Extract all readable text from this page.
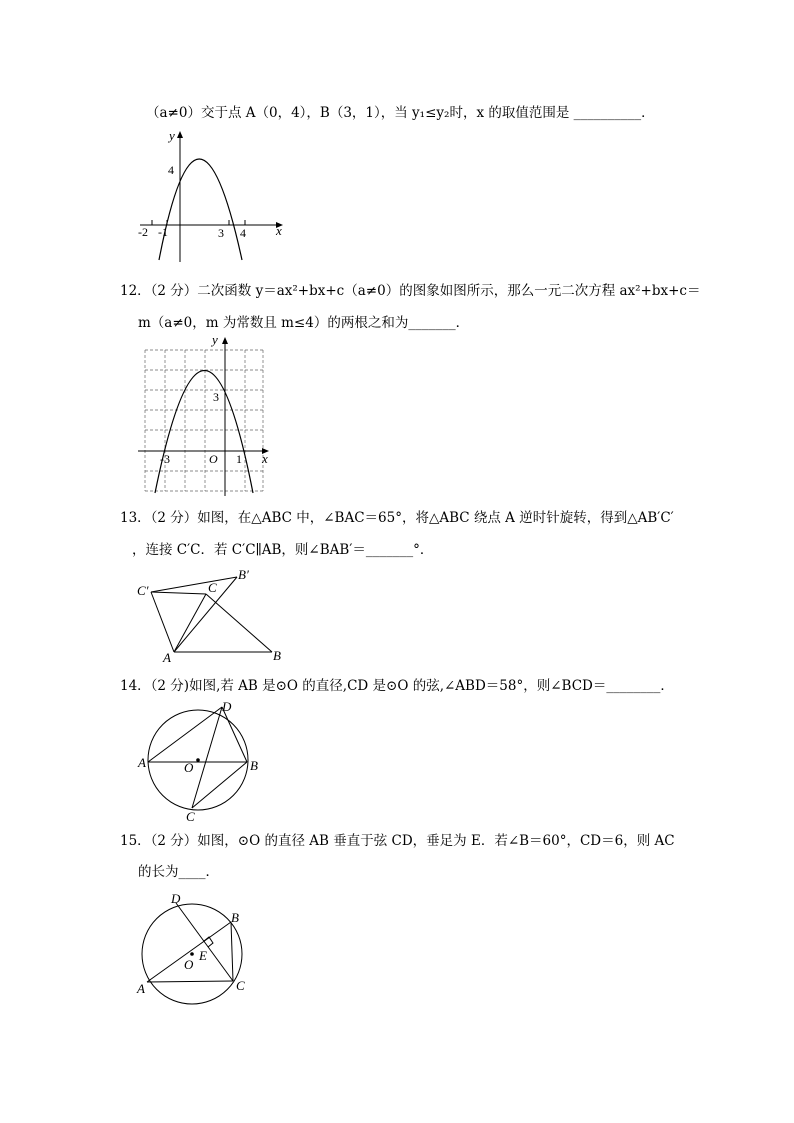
（a≠0）交于点 A（0，4），B（3，1），当 y₁≤y₂时，x 的取值范围是 __________．
y
x
4
-2 -1	3 4
12．（2 分）二次函数 y＝ax²+bx+c（a≠0）的图象如图所示，那么一元二次方程 ax²+bx+c＝
m（a≠0，m 为常数且 m≤4）的两根之和为_______．
y
x
3
-3	O 1
13．（2 分）如图，在△ABC 中，∠BAC＝65°，将△ABC 绕点 A 逆时针旋转，得到△AB′C′
，连接 C′C．若 C′C∥AB，则∠BAB′＝_______°．
A	B
C
B′
C′
14．（2 分)如图,若 AB 是⊙O 的直径,CD 是⊙O 的弦,∠ABD＝58°，则∠BCD＝________．
A	B
C
D
O
15．（2 分）如图，⊙O 的直径 AB 垂直于弦 CD，垂足为 E．若∠B＝60°，CD＝6，则 AC
的长为____．
A
B
C
D
E
O
